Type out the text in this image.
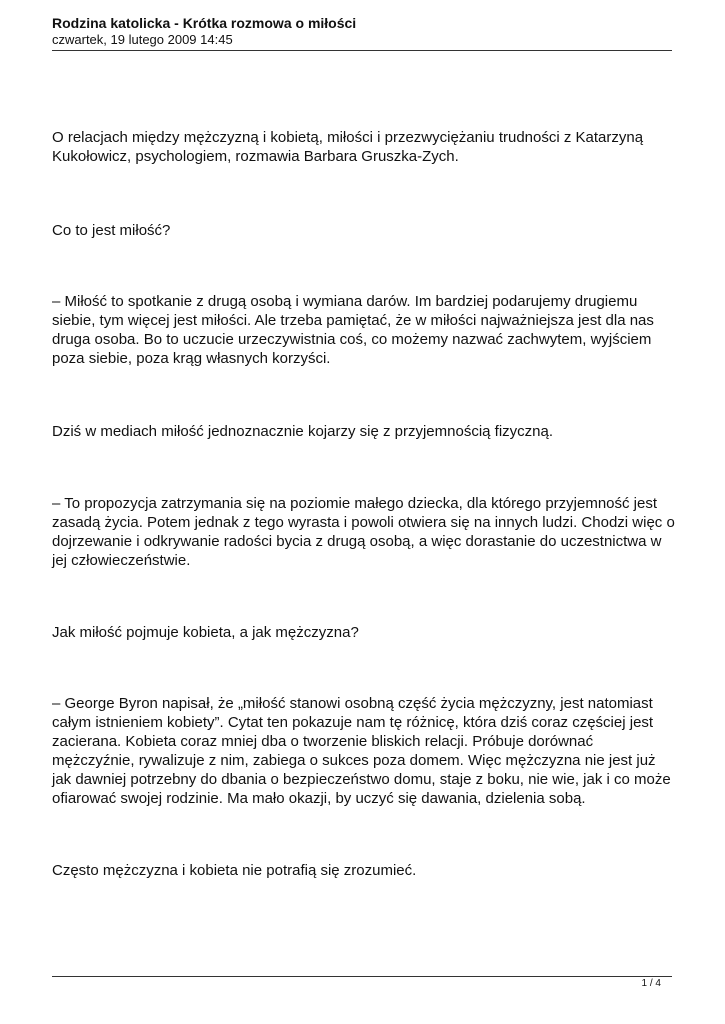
Rodzina katolicka - Krótka rozmowa o miłości

czwartek, 19 lutego 2009 14:45

O relacjach między mężczyzną i kobietą, miłości i przezwyciężaniu trudności z Katarzyną Kukołowicz, psychologiem, rozmawia Barbara Gruszka-Zych.

Co to jest miłość?

– Miłość to spotkanie z drugą osobą i wymiana darów. Im bardziej podarujemy drugiemu siebie, tym więcej jest miłości. Ale trzeba pamiętać, że w miłości najważniejsza jest dla nas druga osoba. Bo to uczucie urzeczywistnia coś, co możemy nazwać zachwytem, wyjściem poza siebie, poza krąg własnych korzyści.

Dziś w mediach miłość jednoznacznie kojarzy się z przyjemnością fizyczną.

– To propozycja zatrzymania się na poziomie małego dziecka, dla którego przyjemność jest zasadą życia. Potem jednak z tego wyrasta i powoli otwiera się na innych ludzi. Chodzi więc o dojrzewanie i odkrywanie radości bycia z drugą osobą, a więc dorastanie do uczestnictwa w jej człowieczeństwie.

Jak miłość pojmuje kobieta, a jak mężczyzna?

– George Byron napisał, że „miłość stanowi osobną część życia mężczyzny, jest natomiast całym istnieniem kobiety”. Cytat ten pokazuje nam tę różnicę, która dziś coraz częściej jest zacierana. Kobieta coraz mniej dba o tworzenie bliskich relacji. Próbuje dorównać mężczyźnie, rywalizuje z nim, zabiega o sukces poza domem. Więc mężczyzna nie jest już jak dawniej potrzebny do dbania o bezpieczeństwo domu, staje z boku, nie wie, jak i co może ofiarować swojej rodzinie. Ma mało okazji, by uczyć się dawania, dzielenia sobą.

Często mężczyzna i kobieta nie potrafią się zrozumieć.

1 / 4
